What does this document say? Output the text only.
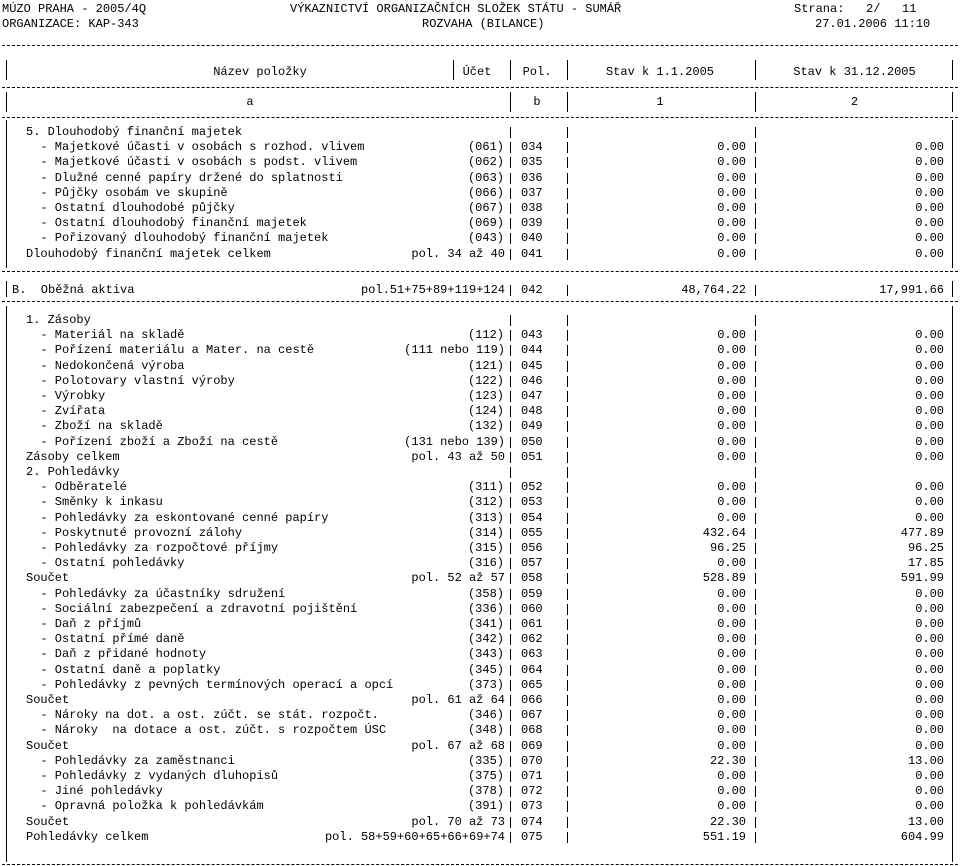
MÚZO PRAHA - 2005/4Q
ORGANIZACE: KAP-343
VÝKAZNICTVÍ ORGANIZAČNÍCH SLOŽEK STÁTU - SUMÁŘ
ROZVAHA (BILANCE)
Strana:   2/   11
27.01.2006 11:10
Název položky	Účet	Pol.	Stav k 1.1.2005	Stav k 31.12.2005
a	b	1	2
5. Dlouhodobý finanční majetek
- Majetkové účasti v osobách s rozhod. vlivem	(061) 034	0.00	0.00
- Majetkové účasti v osobách s podst. vlivem	(062) 035	0.00	0.00
- Dlužné cenné papíry držené do splatnosti	(063) 036	0.00	0.00
- Půjčky osobám ve skupině	(066) 037	0.00	0.00
- Ostatní dlouhodobé půjčky	(067) 038	0.00	0.00
- Ostatní dlouhodobý finanční majetek	(069) 039	0.00	0.00
- Pořizovaný dlouhodobý finanční majetek	(043) 040	0.00	0.00
Dlouhodobý finanční majetek celkem	pol. 34 až 40 041	0.00	0.00
B.  Oběžná aktiva	pol.51+75+89+119+124 042	48,764.22	17,991.66
1. Zásoby
- Materiál na skladě	(112) 043	0.00	0.00
- Pořízení materiálu a Mater. na cestě	(111 nebo 119) 044	0.00	0.00
- Nedokončená výroba	(121) 045	0.00	0.00
- Polotovary vlastní výroby	(122) 046	0.00	0.00
- Výrobky	(123) 047	0.00	0.00
- Zvířata	(124) 048	0.00	0.00
- Zboží na skladě	(132) 049	0.00	0.00
- Pořízení zboží a Zboží na cestě	(131 nebo 139) 050	0.00	0.00
Zásoby celkem	pol. 43 až 50 051	0.00	0.00
2. Pohledávky
- Odběratelé	(311) 052	0.00	0.00
- Směnky k inkasu	(312) 053	0.00	0.00
- Pohledávky za eskontované cenné papíry	(313) 054	0.00	0.00
- Poskytnuté provozní zálohy	(314) 055	432.64	477.89
- Pohledávky za rozpočtové příjmy	(315) 056	96.25	96.25
- Ostatní pohledávky	(316) 057	0.00	17.85
Součet	pol. 52 až 57 058	528.89	591.99
- Pohledávky za účastníky sdružení	(358) 059	0.00	0.00
- Sociální zabezpečení a zdravotní pojištění	(336) 060	0.00	0.00
- Daň z příjmů	(341) 061	0.00	0.00
- Ostatní přímé daně	(342) 062	0.00	0.00
- Daň z přidané hodnoty	(343) 063	0.00	0.00
- Ostatní daně a poplatky	(345) 064	0.00	0.00
- Pohledávky z pevných termínových operací a opcí	(373) 065	0.00	0.00
Součet	pol. 61 až 64 066	0.00	0.00
- Nároky na dot. a ost. zúčt. se stát. rozpočt.	(346) 067	0.00	0.00
- Nároky  na dotace a ost. zúčt. s rozpočtem ÚSC	(348) 068	0.00	0.00
Součet	pol. 67 až 68 069	0.00	0.00
- Pohledávky za zaměstnanci	(335) 070	22.30	13.00
- Pohledávky z vydaných dluhopisů	(375) 071	0.00	0.00
- Jiné pohledávky	(378) 072	0.00	0.00
- Opravná položka k pohledávkám	(391) 073	0.00	0.00
Součet	pol. 70 až 73 074	22.30	13.00
Pohledávky celkem	pol. 58+59+60+65+66+69+74 075	551.19	604.99
